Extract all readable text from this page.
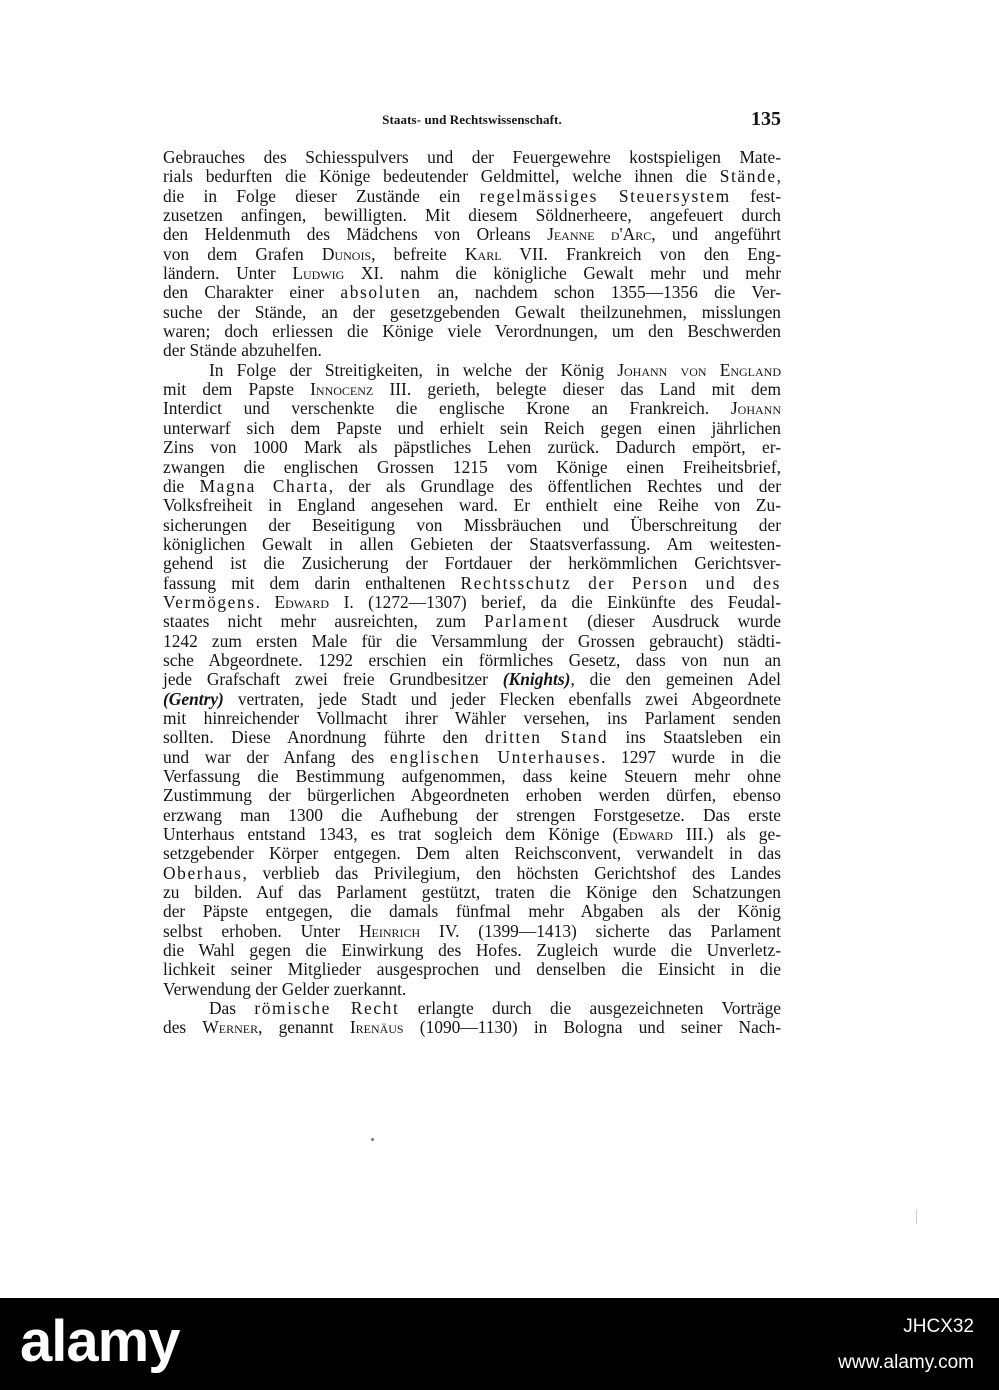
Staats- und Rechtswissenschaft.	135
Gebrauches des Schiesspulvers und der Feuergewehre kostspieligen Mate-
rials bedurften die Könige bedeutender Geldmittel, welche ihnen die Stände,
die in Folge dieser Zustände ein regelmässiges Steuersystem fest-
zusetzen anfingen, bewilligten. Mit diesem Söldnerheere, angefeuert durch
den Heldenmuth des Mädchens von Orleans Jeanne d'Arc, und angeführt
von dem Grafen Dunois, befreite Karl VII. Frankreich von den Eng-
ländern. Unter Ludwig XI. nahm die königliche Gewalt mehr und mehr
den Charakter einer absoluten an, nachdem schon 1355—1356 die Ver-
suche der Stände, an der gesetzgebenden Gewalt theilzunehmen, misslungen
waren; doch erliessen die Könige viele Verordnungen, um den Beschwerden
der Stände abzuhelfen.
In Folge der Streitigkeiten, in welche der König Johann von England
mit dem Papste Innocenz III. gerieth, belegte dieser das Land mit dem
Interdict und verschenkte die englische Krone an Frankreich. Johann
unterwarf sich dem Papste und erhielt sein Reich gegen einen jährlichen
Zins von 1000 Mark als päpstliches Lehen zurück. Dadurch empört, er-
zwangen die englischen Grossen 1215 vom Könige einen Freiheitsbrief,
die Magna Charta, der als Grundlage des öffentlichen Rechtes und der
Volksfreiheit in England angesehen ward. Er enthielt eine Reihe von Zu-
sicherungen der Beseitigung von Missbräuchen und Überschreitung der
königlichen Gewalt in allen Gebieten der Staatsverfassung. Am weitesten-
gehend ist die Zusicherung der Fortdauer der herkömmlichen Gerichtsver-
fassung mit dem darin enthaltenen Rechtsschutz der Person und des
Vermögens. Edward I. (1272—1307) berief, da die Einkünfte des Feudal-
staates nicht mehr ausreichten, zum Parlament (dieser Ausdruck wurde
1242 zum ersten Male für die Versammlung der Grossen gebraucht) städti-
sche Abgeordnete. 1292 erschien ein förmliches Gesetz, dass von nun an
jede Grafschaft zwei freie Grundbesitzer (Knights), die den gemeinen Adel
(Gentry) vertraten, jede Stadt und jeder Flecken ebenfalls zwei Abgeordnete
mit hinreichender Vollmacht ihrer Wähler versehen, ins Parlament senden
sollten. Diese Anordnung führte den dritten Stand ins Staatsleben ein
und war der Anfang des englischen Unterhauses. 1297 wurde in die
Verfassung die Bestimmung aufgenommen, dass keine Steuern mehr ohne
Zustimmung der bürgerlichen Abgeordneten erhoben werden dürfen, ebenso
erzwang man 1300 die Aufhebung der strengen Forstgesetze. Das erste
Unterhaus entstand 1343, es trat sogleich dem Könige (Edward III.) als ge-
setzgebender Körper entgegen. Dem alten Reichsconvent, verwandelt in das
Oberhaus, verblieb das Privilegium, den höchsten Gerichtshof des Landes
zu bilden. Auf das Parlament gestützt, traten die Könige den Schatzungen
der Päpste entgegen, die damals fünfmal mehr Abgaben als der König
selbst erhoben. Unter Heinrich IV. (1399—1413) sicherte das Parlament
die Wahl gegen die Einwirkung des Hofes. Zugleich wurde die Unverletz-
lichkeit seiner Mitglieder ausgesprochen und denselben die Einsicht in die
Verwendung der Gelder zuerkannt.
Das römische Recht erlangte durch die ausgezeichneten Vorträge
des Werner, genannt Irenäus (1090—1130) in Bologna und seiner Nach-
alamy	JHCX32
www.alamy.com
